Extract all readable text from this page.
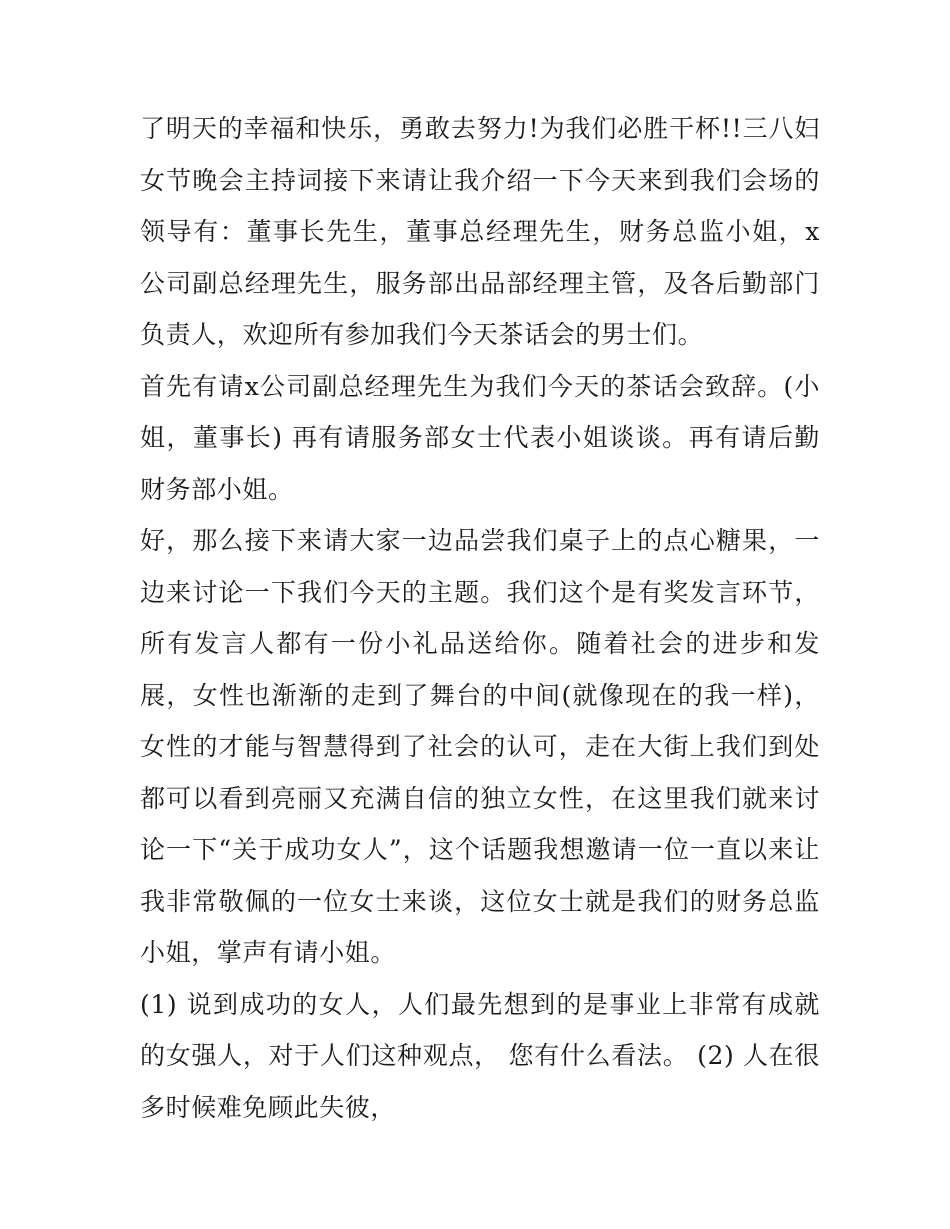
了明天的幸福和快乐，勇敢去努力!为我们必胜干杯!!三八妇女节晚会主持词接下来请让我介绍一下今天来到我们会场的领导有：董事长先生，董事总经理先生，财务总监小姐，x公司副总经理先生，服务部出品部经理主管，及各后勤部门负责人，欢迎所有参加我们今天茶话会的男士们。

首先有请x公司副总经理先生为我们今天的茶话会致辞。(小姐，董事长) 再有请服务部女士代表小姐谈谈。再有请后勤财务部小姐。

好，那么接下来请大家一边品尝我们桌子上的点心糖果，一边来讨论一下我们今天的主题。我们这个是有奖发言环节，所有发言人都有一份小礼品送给你。随着社会的进步和发展，女性也渐渐的走到了舞台的中间(就像现在的我一样)，女性的才能与智慧得到了社会的认可，走在大街上我们到处都可以看到亮丽又充满自信的独立女性，在这里我们就来讨论一下“关于成功女人”，这个话题我想邀请一位一直以来让我非常敬佩的一位女士来谈，这位女士就是我们的财务总监小姐，掌声有请小姐。

(1) 说到成功的女人，人们最先想到的是事业上非常有成就的女强人，对于人们这种观点， 您有什么看法。 (2) 人在很多时候难免顾此失彼，
